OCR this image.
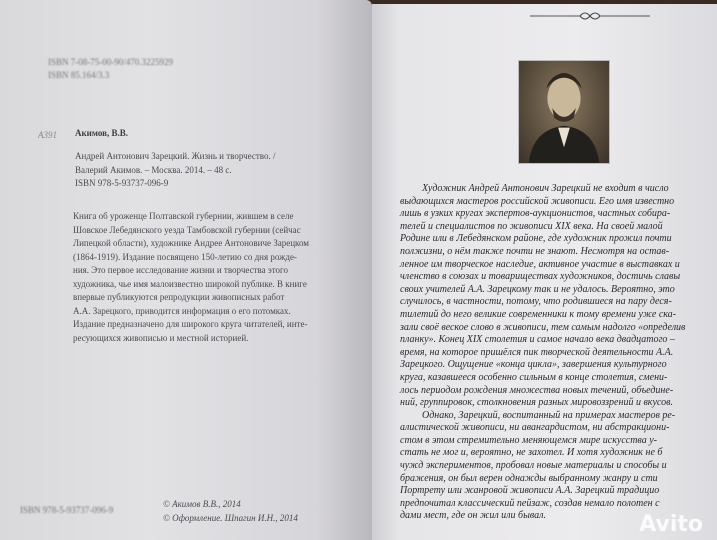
ISBN 7-08-75-00-90/470.3225929
ISBN 85.164/3.3
А391 Акимов, В.В.
Андрей Антонович Зарецкий. Жизнь и творчество. /
Валерий Акимов. – Москва. 2014. – 48 с.
ISBN 978-5-93737-096-9
Книга об уроженце Полтавской губернии, жившем в селе
Шовское Лебедянского уезда Тамбовской губернии (сейчас
Липецкой области), художнике Андрее Антоновиче Зарецком
(1864-1919). Издание посвящено 150-летию со дня рожде-
ния. Это первое исследование жизни и творчества этого
художника, чье имя малоизвестно широкой публике. В книге
впервые публикуются репродукции живописных работ
А.А. Зарецкого, приводится информация о его потомках.
Издание предназначено для широкого круга читателей, инте-
ресующихся живописью и местной историей.
ISBN 978-5-93737-096-9
© Акимов В.В., 2014
© Оформление. Шпагин И.Н., 2014
Художник Андрей Антонович Зарецкий не входит в число
выдающихся мастеров российской живописи. Его имя известно
лишь в узких кругах экспертов-аукционистов, частных собира-
телей и специалистов по живописи XIX века. На своей малой
Родине или в Лебедянском районе, где художник прожил почти
полжизни, о нём также почти не знают. Несмотря на остав-
ленное им творческое наследие, активное участие в выставках и
членство в союзах и товариществах художников, достичь славы
своих учителей А.А. Зарецкому так и не удалось. Вероятно, это
случилось, в частности, потому, что родившиеся на пару деся-
тилетий до него великие современники к тому времени уже ска-
зали своё веское слово в живописи, тем самым надолго «определив
планку». Конец XIX столетия и самое начало века двадцатого –
время, на которое пришёлся пик творческой деятельности А.А.
Зарецкого. Ощущение «конца цикла», завершения культурного
круга, казавшееся особенно сильным в конце столетия, смени-
лось периодом рождения множества новых течений, объедине-
ний, группировок, столкновения разных мировоззрений и вкусов.
Однако, Зарецкий, воспитанный на примерах мастеров ре-
алистической живописи, ни авангардистом, ни абстракциони-
стом в этом стремительно меняющемся мире искусства у-
стать не мог и, вероятно, не захотел. И хотя художник не б
чужд экспериментов, пробовал новые материалы и способы и
бражения, он был верен однажды выбранному жанру и сти
Портрету или жанровой живописи А.А. Зарецкий традицио
предпочитал классический пейзаж, создав немало полотен с
дами мест, где он жил или бывал.	Avito
